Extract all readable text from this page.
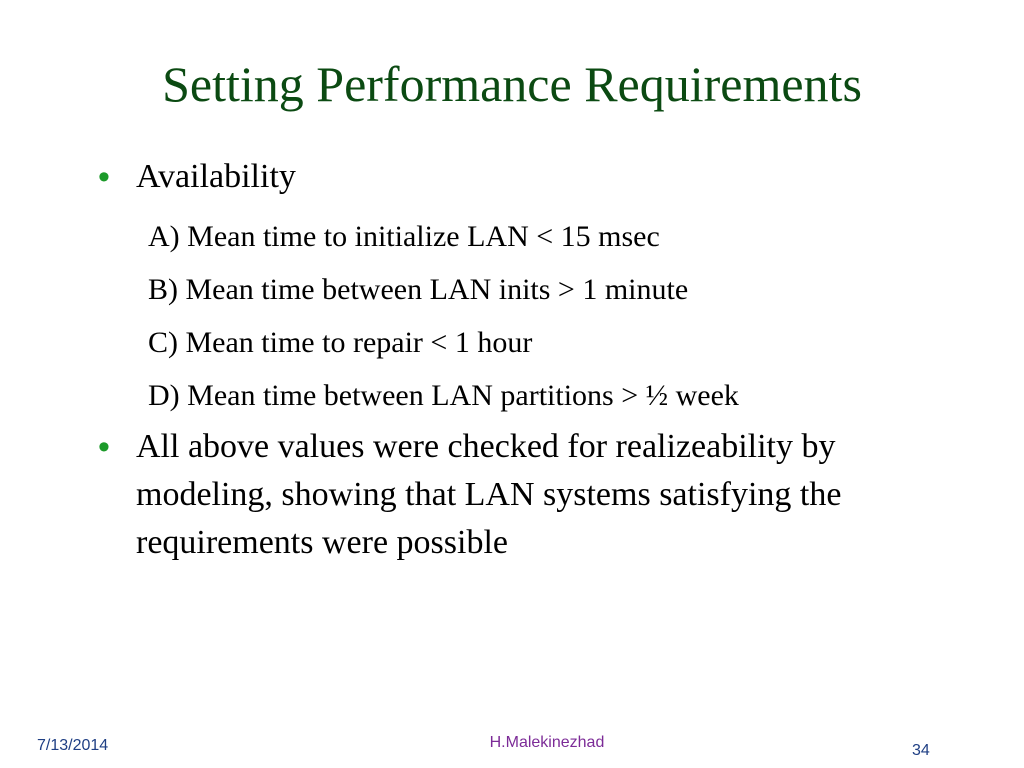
Setting Performance Requirements
• Availability
A) Mean time to initialize LAN < 15 msec
B) Mean time between LAN inits > 1 minute
C) Mean time to repair < 1 hour
D) Mean time between LAN partitions > ½ week
• All above values were checked for realizeability by modeling, showing that LAN systems satisfying the requirements were possible
7/13/2014	H.Malekinezhad	34
